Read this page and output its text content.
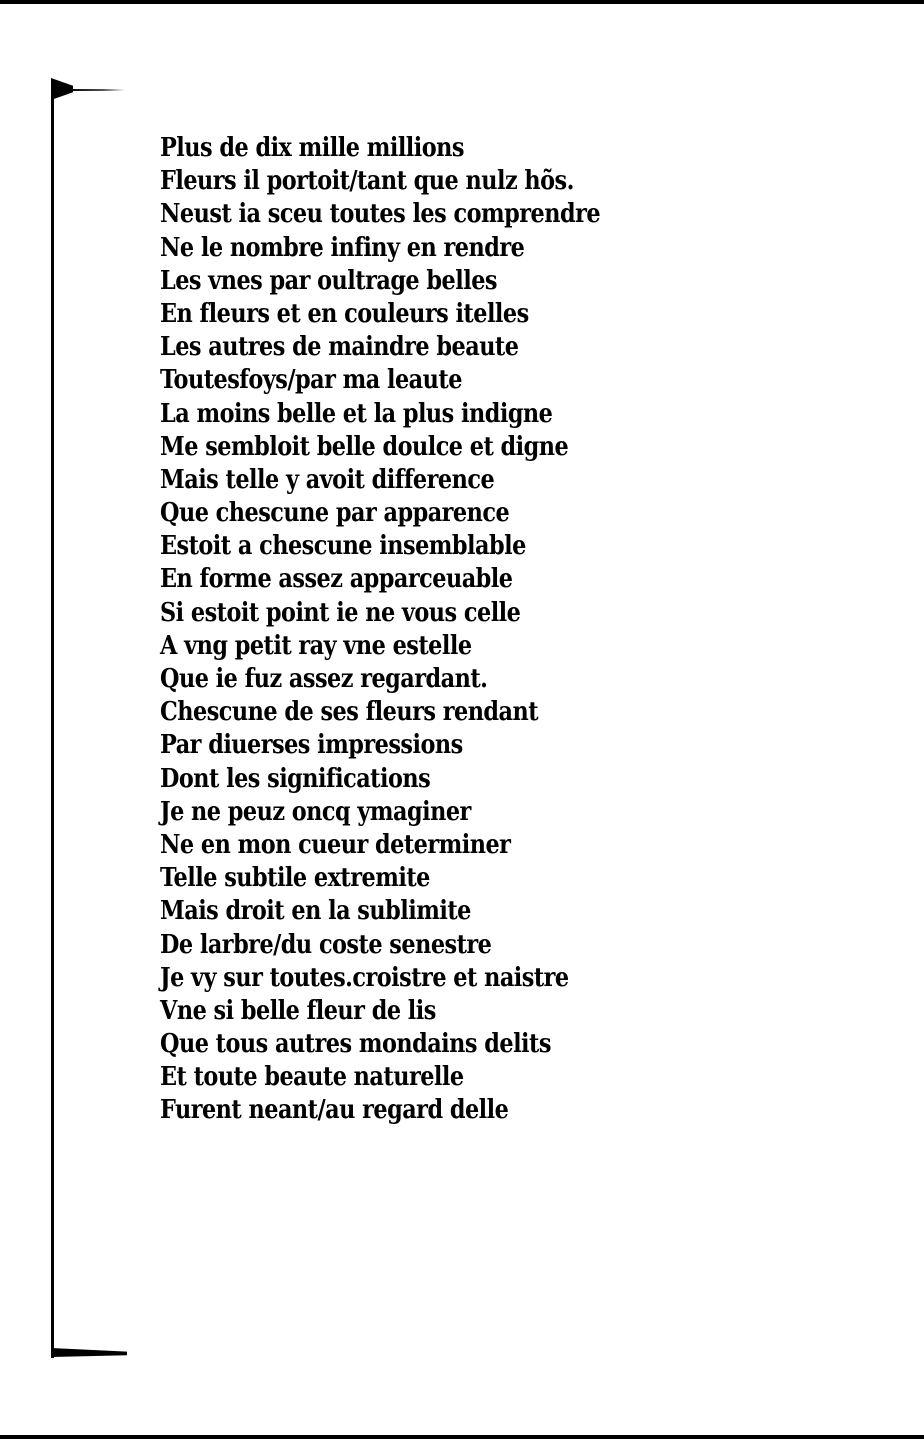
Plus de dix mille millions
Fleurs il portoit/tant que nulz hõs.
Neust ia sceu toutes les comprendre
Ne le nombre infiny en rendre
Les vnes par oultrage belles
En fleurs et en couleurs itelles
Les autres de maindre beaute
Toutesfoys/par ma leaute
La moins belle et la plus indigne
Me sembloit belle doulce et digne
Mais telle y avoit difference
Que chescune par apparence
Estoit a chescune insemblable
En forme assez apparceuable
Si estoit point ie ne vous celle
A vng petit ray vne estelle
Que ie fuz assez regardant.
Chescune de ses fleurs rendant
Par diuerses impressions
Dont les significations
Je ne peuz oncq ymaginer
Ne en mon cueur determiner
Telle subtile extremite
Mais droit en la sublimite
De larbre/du coste senestre
Je vy sur toutes.croistre et naistre
Vne si belle fleur de lis
Que tous autres mondains delits
Et toute beaute naturelle
Furent neant/au regard delle
